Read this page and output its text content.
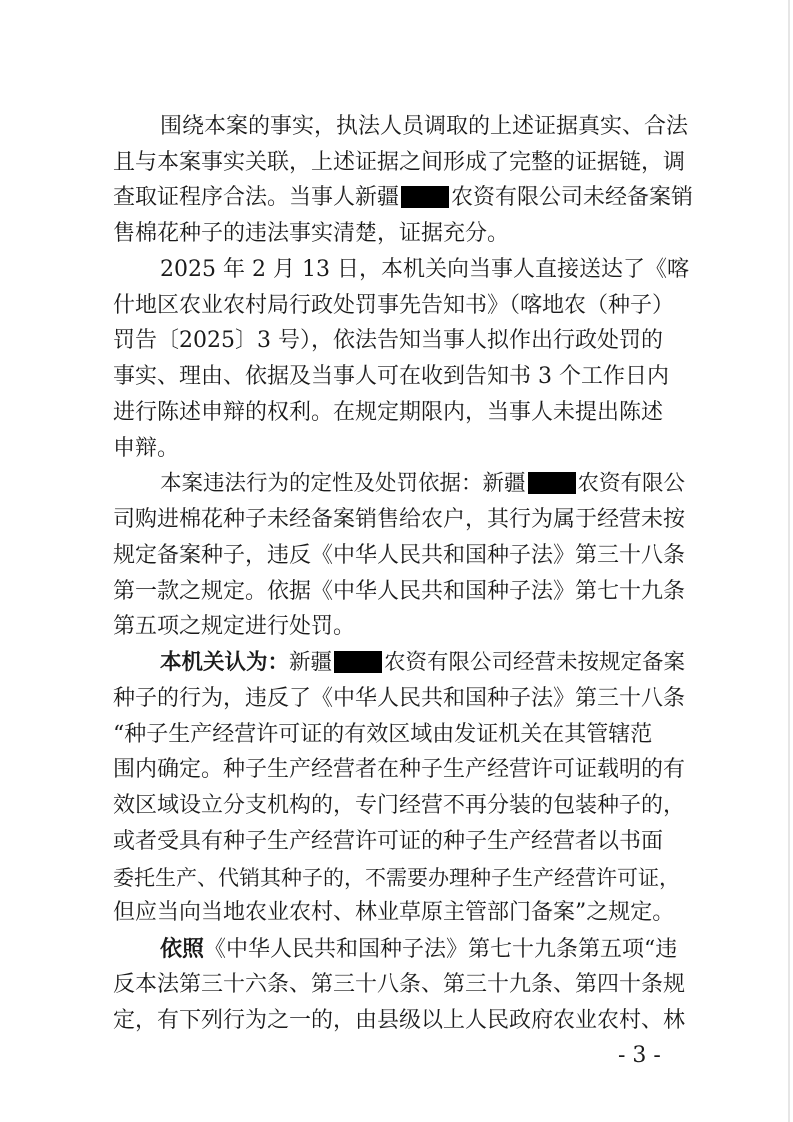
围绕本案的事实，执法人员调取的上述证据真实、合法
且与本案事实关联，上述证据之间形成了完整的证据链，调
查取证程序合法。当事人新疆 农资有限公司未经备案销
售棉花种子的违法事实清楚，证据充分。
2025 年 2 月 13 日，本机关向当事人直接送达了《喀
什地区农业农村局行政处罚事先告知书》（喀地农（种子）
罚告〔2025〕3 号），依法告知当事人拟作出行政处罚的
事实、理由、依据及当事人可在收到告知书 3 个工作日内
进行陈述申辩的权利。在规定期限内，当事人未提出陈述
申辩。
本案违法行为的定性及处罚依据：新疆 农资有限公
司购进棉花种子未经备案销售给农户，其行为属于经营未按
规定备案种子，违反《中华人民共和国种子法》第三十八条
第一款之规定。依据《中华人民共和国种子法》第七十九条
第五项之规定进行处罚。
本机关认为：新疆 农资有限公司经营未按规定备案
种子的行为，违反了《中华人民共和国种子法》第三十八条
“种子生产经营许可证的有效区域由发证机关在其管辖范
围内确定。种子生产经营者在种子生产经营许可证载明的有
效区域设立分支机构的，专门经营不再分装的包装种子的，
或者受具有种子生产经营许可证的种子生产经营者以书面
委托生产、代销其种子的，不需要办理种子生产经营许可证，
但应当向当地农业农村、林业草原主管部门备案”之规定。
依照《中华人民共和国种子法》第七十九条第五项“违
反本法第三十六条、第三十八条、第三十九条、第四十条规
定，有下列行为之一的，由县级以上人民政府农业农村、林
- 3 -
